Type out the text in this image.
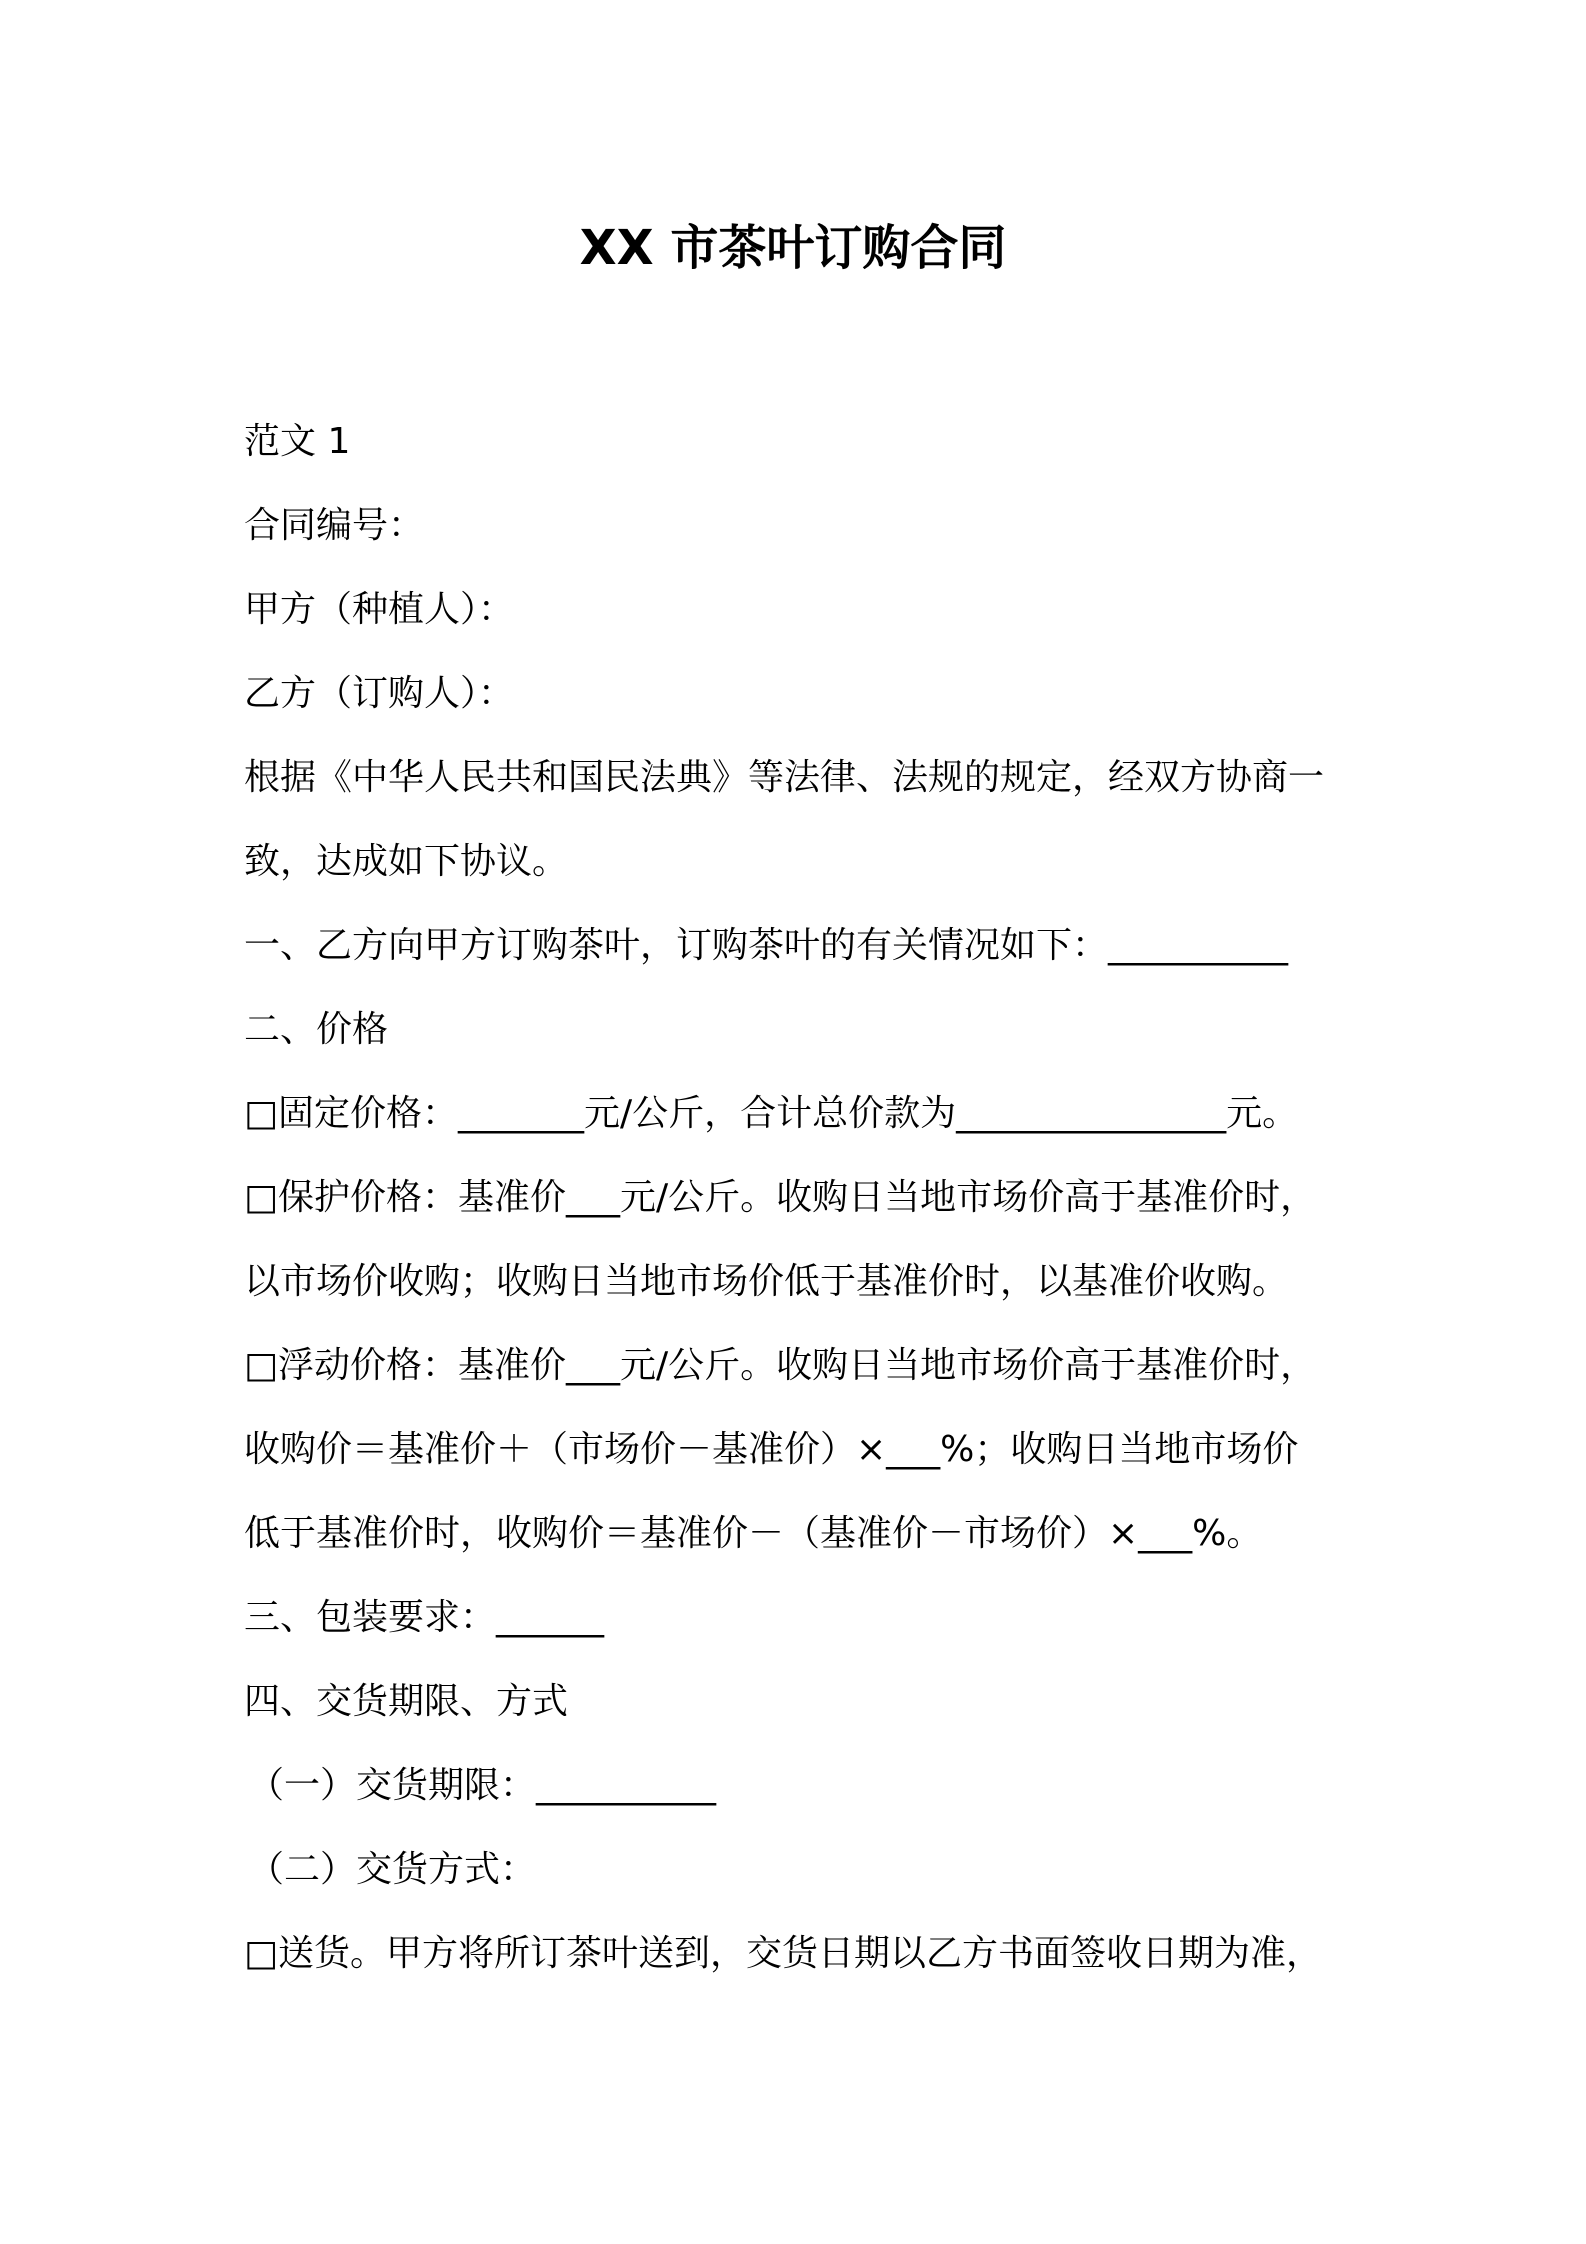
XX 市茶叶订购合同
范文 1
合同编号：
甲方（种植人）：
乙方（订购人）：
根据《中华人民共和国民法典》等法律、法规的规定，经双方协商一
致，达成如下协议。
一、乙方向甲方订购茶叶，订购茶叶的有关情况如下：__________
二、价格
□固定价格：_______元/公斤，合计总价款为_______________元。
□保护价格：基准价___元/公斤。收购日当地市场价高于基准价时，
以市场价收购；收购日当地市场价低于基准价时，以基准价收购。
□浮动价格：基准价___元/公斤。收购日当地市场价高于基准价时，
收购价＝基准价＋（市场价－基准价）×___%；收购日当地市场价
低于基准价时，收购价＝基准价－（基准价－市场价）×___%。
三、包装要求：______
四、交货期限、方式
（一）交货期限：__________
（二）交货方式：
□送货。甲方将所订茶叶送到，交货日期以乙方书面签收日期为准，
